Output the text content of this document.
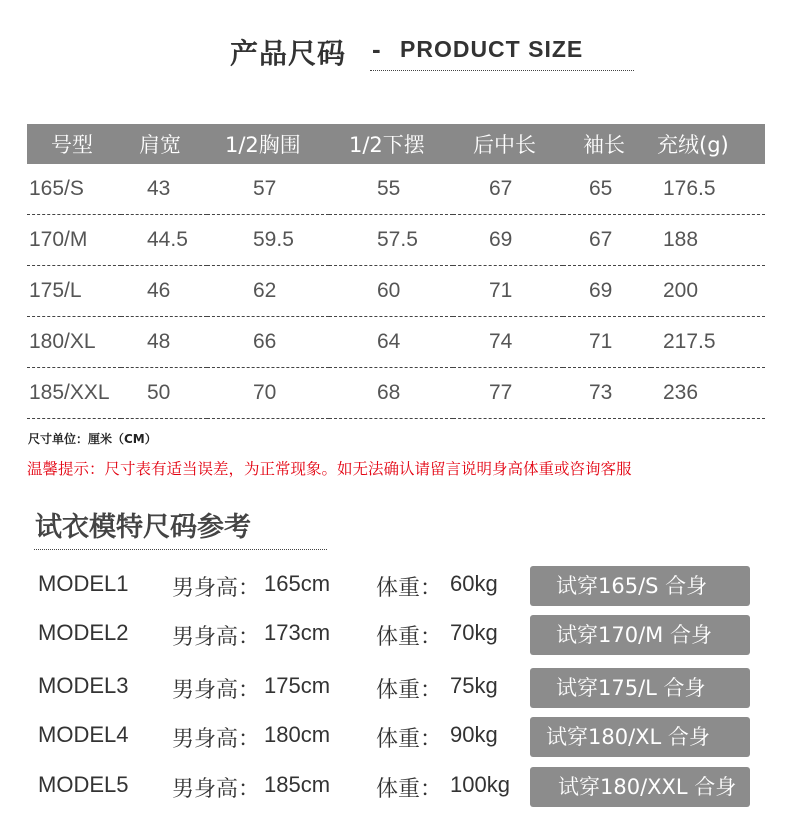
产品尺码 - PRODUCT SIZE
号型	肩宽	1/2胸围	1/2下摆	后中长	袖长	充绒(g)
165/S	43	57	55	67	65	176.5
170/M	44.5	59.5	57.5	69	67	188
175/L	46	62	60	71	69	200
180/XL	48	66	64	74	71	217.5
185/XXL	50	70	68	77	73	236
尺寸单位：厘米（CM）
温馨提示：尺寸表有适当误差，为正常现象。如无法确认请留言说明身高体重或咨询客服
试衣模特尺码参考
MODEL1 男身高： 165cm 体重： 60kg	试穿165/S 合身
MODEL2 男身高： 173cm 体重： 70kg	试穿170/M 合身
MODEL3 男身高： 175cm 体重： 75kg	试穿175/L 合身
MODEL4 男身高： 180cm 体重： 90kg	试穿180/XL 合身
MODEL5 男身高： 185cm 体重： 100kg	试穿180/XXL 合身
